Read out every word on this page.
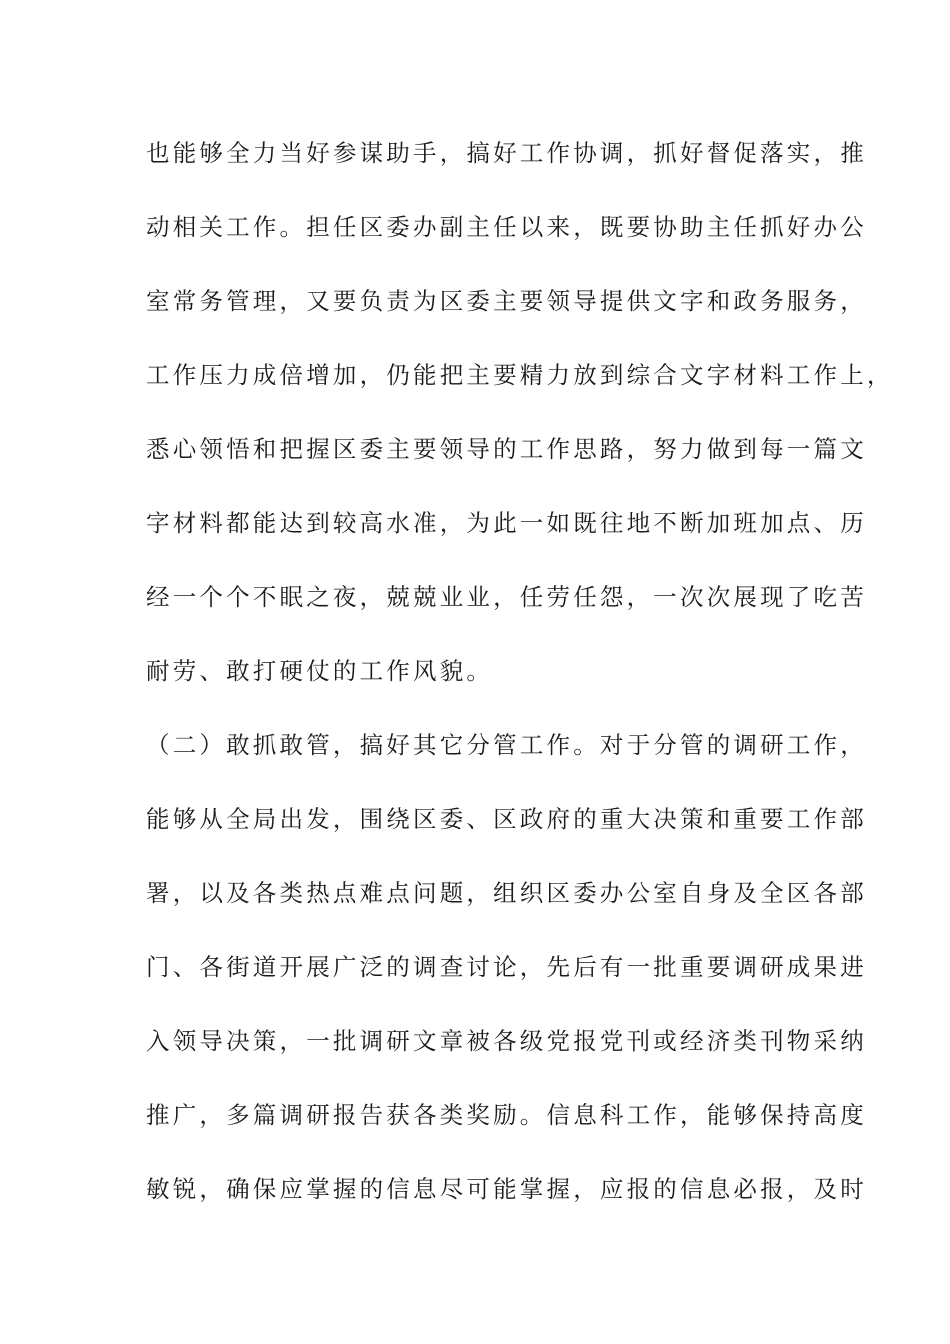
也能够全力当好参谋助手，搞好工作协调，抓好督促落实，推
动相关工作。担任区委办副主任以来，既要协助主任抓好办公
室常务管理，又要负责为区委主要领导提供文字和政务服务，
工作压力成倍增加，仍能把主要精力放到综合文字材料工作上，
悉心领悟和把握区委主要领导的工作思路，努力做到每一篇文
字材料都能达到较高水准，为此一如既往地不断加班加点、历
经一个个不眠之夜，兢兢业业，任劳任怨，一次次展现了吃苦
耐劳、敢打硬仗的工作风貌。
（二）敢抓敢管，搞好其它分管工作。对于分管的调研工作，
能够从全局出发，围绕区委、区政府的重大决策和重要工作部
署，以及各类热点难点问题，组织区委办公室自身及全区各部
门、各街道开展广泛的调查讨论，先后有一批重要调研成果进
入领导决策，一批调研文章被各级党报党刊或经济类刊物采纳
推广，多篇调研报告获各类奖励。信息科工作，能够保持高度
敏锐，确保应掌握的信息尽可能掌握，应报的信息必报，及时
